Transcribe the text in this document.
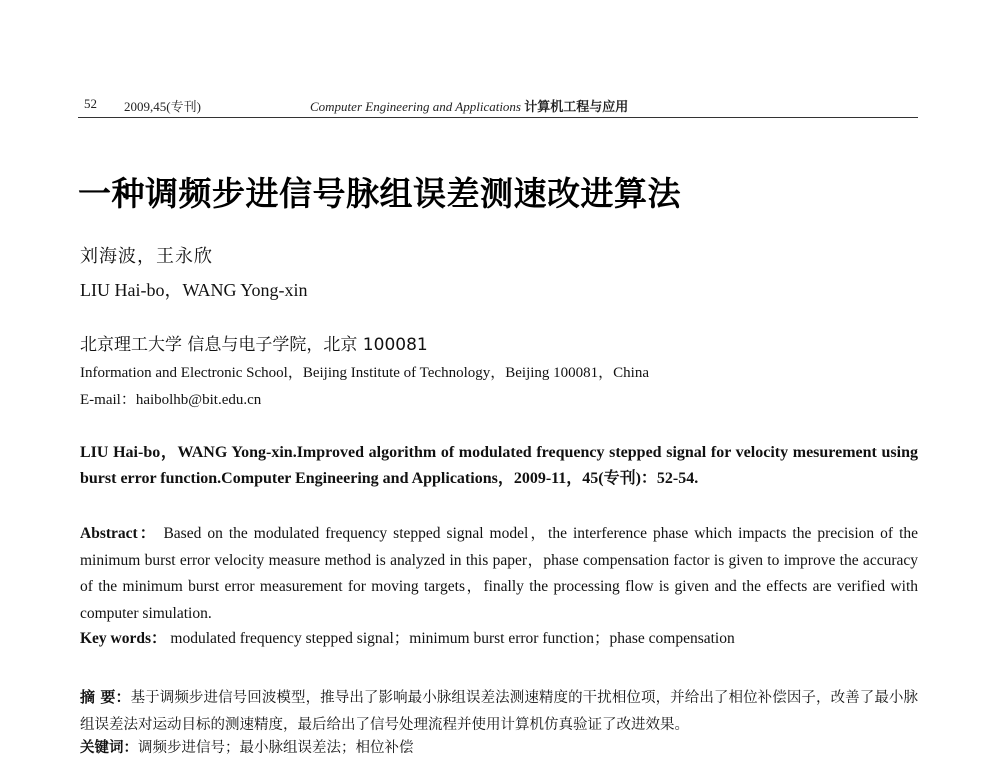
52 2009,45(专刊)	Computer Engineering and Applications 计算机工程与应用
一种调频步进信号脉组误差测速改进算法
刘海波，王永欣
LIU Hai-bo，WANG Yong-xin
北京理工大学 信息与电子学院，北京 100081
Information and Electronic School，Beijing Institute of Technology，Beijing 100081，China
E-mail：haibolhb@bit.edu.cn
LIU Hai-bo，WANG Yong-xin.Improved algorithm of modulated frequency stepped signal for velocity mesurement using burst error function.Computer Engineering and Applications，2009-11，45(专刊)：52-54.
Abstract： Based on the modulated frequency stepped signal model，the interference phase which impacts the precision of the minimum burst error velocity measure method is analyzed in this paper，phase compensation factor is given to improve the accuracy of the minimum burst error measurement for moving targets，finally the processing flow is given and the effects are verified with computer simulation.
Key words： modulated frequency stepped signal；minimum burst error function；phase compensation
摘 要：基于调频步进信号回波模型，推导出了影响最小脉组误差法测速精度的干扰相位项，并给出了相位补偿因子，改善了最小脉组误差法对运动目标的测速精度，最后给出了信号处理流程并使用计算机仿真验证了改进效果。
关键词：调频步进信号；最小脉组误差法；相位补偿
